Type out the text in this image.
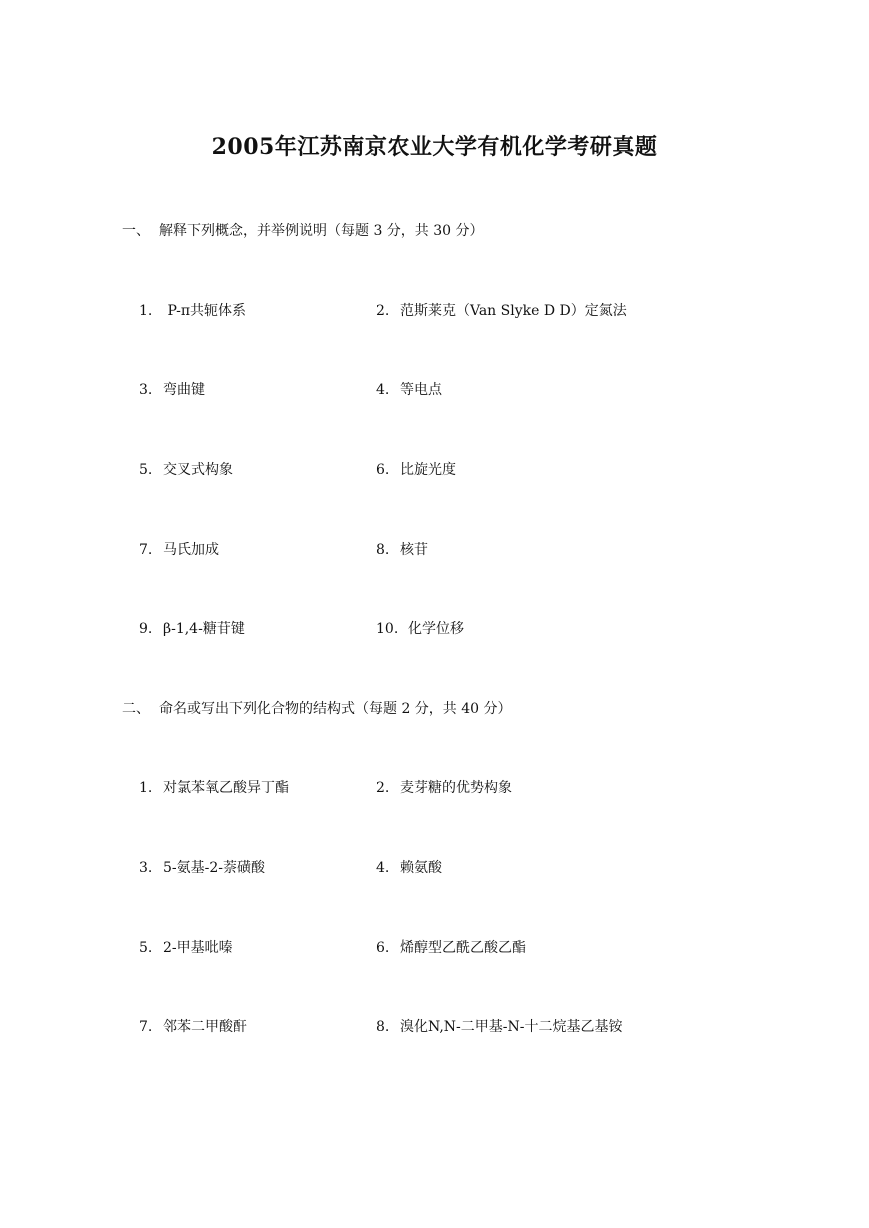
2005年江苏南京农业大学有机化学考研真题
一、 解释下列概念，并举例说明（每题 3 分，共 30 分）
1. P-π共轭体系	2. 范斯莱克（Van Slyke D D）定氮法
3. 弯曲键	4. 等电点
5. 交叉式构象	6. 比旋光度
7. 马氏加成	8. 核苷
9. β-1,4-糖苷键	10. 化学位移
二、 命名或写出下列化合物的结构式（每题 2 分，共 40 分）
1. 对氯苯氧乙酸异丁酯	2. 麦芽糖的优势构象
3. 5-氨基-2-萘磺酸	4. 赖氨酸
5. 2-甲基吡嗪	6. 烯醇型乙酰乙酸乙酯
7. 邻苯二甲酸酐	8. 溴化N,N-二甲基-N-十二烷基乙基铵
